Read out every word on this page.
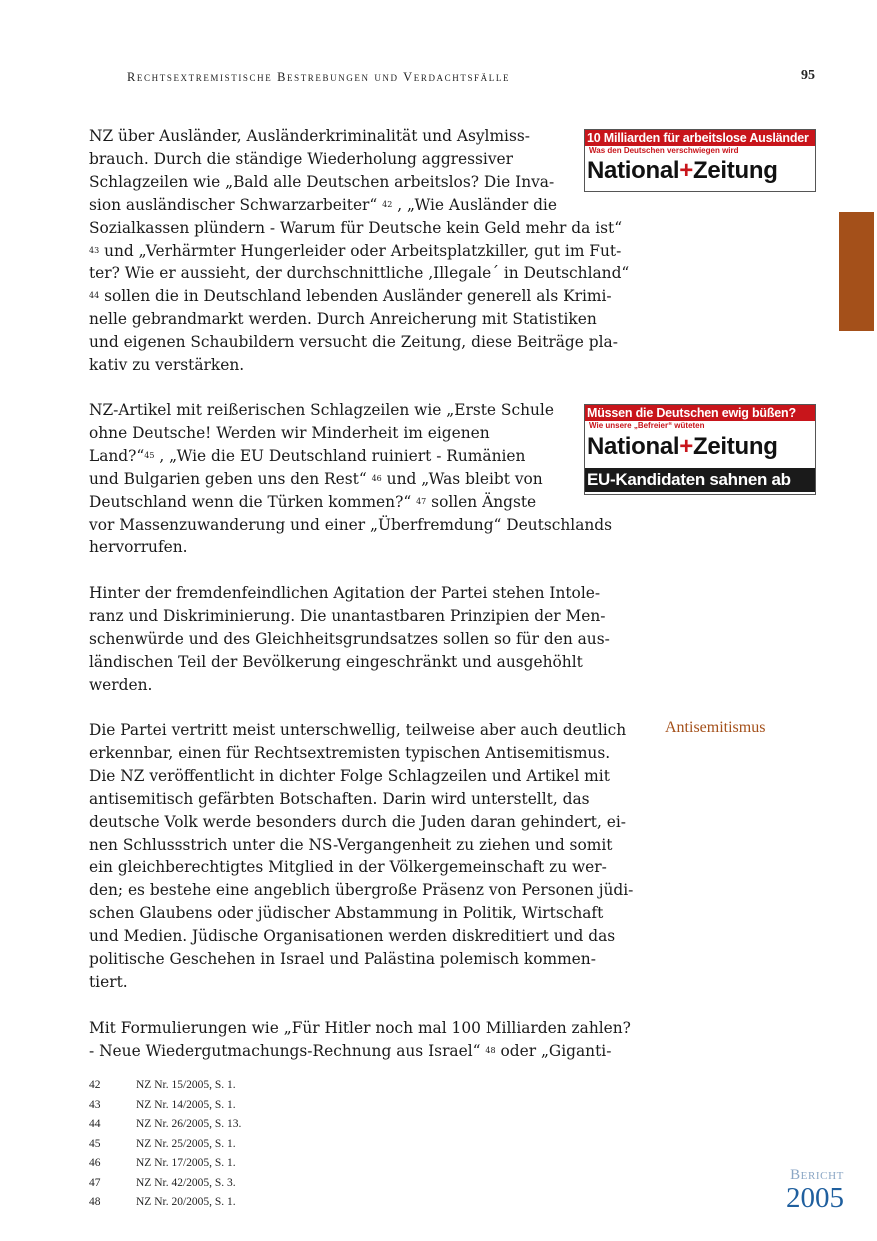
Rechtsextremistische Bestrebungen und Verdachtsfälle	95
NZ über Ausländer, Ausländerkriminalität und Asylmiss-
brauch. Durch die ständige Wiederholung aggressiver
Schlagzeilen wie „Bald alle Deutschen arbeitslos? Die Inva-
sion ausländischer Schwarzarbeiter“ $^{42}$ , „Wie Ausländer die
Sozialkassen plündern - Warum für Deutsche kein Geld mehr da ist“
$^{43}$ und „Verhärmter Hungerleider oder Arbeitsplatzkiller, gut im Fut-
ter? Wie er aussieht, der durchschnittliche ‚Illegale´ in Deutschland“
$^{44}$ sollen die in Deutschland lebenden Ausländer generell als Krimi-
nelle gebrandmarkt werden. Durch Anreicherung mit Statistiken
und eigenen Schaubildern versucht die Zeitung, diese Beiträge pla-
kativ zu verstärken.
NZ-Artikel mit reißerischen Schlagzeilen wie „Erste Schule
ohne Deutsche! Werden wir Minderheit im eigenen
Land?“$^{45}$ , „Wie die EU Deutschland ruiniert - Rumänien
und Bulgarien geben uns den Rest“ $^{46}$ und „Was bleibt von
Deutschland wenn die Türken kommen?“ $^{47}$ sollen Ängste
vor Massenzuwanderung und einer „Überfremdung“ Deutschlands
hervorrufen.
Hinter der fremdenfeindlichen Agitation der Partei stehen Intole-
ranz und Diskriminierung. Die unantastbaren Prinzipien der Men-
schenwürde und des Gleichheitsgrundsatzes sollen so für den aus-
ländischen Teil der Bevölkerung eingeschränkt und ausgehöhlt
werden.
Die Partei vertritt meist unterschwellig, teilweise aber auch deutlich
erkennbar, einen für Rechtsextremisten typischen Antisemitismus.
Die NZ veröffentlicht in dichter Folge Schlagzeilen und Artikel mit
antisemitisch gefärbten Botschaften. Darin wird unterstellt, das
deutsche Volk werde besonders durch die Juden daran gehindert, ei-
nen Schlussstrich unter die NS-Vergangenheit zu ziehen und somit
ein gleichberechtigtes Mitglied in der Völkergemeinschaft zu wer-
den; es bestehe eine angeblich übergroße Präsenz von Personen jüdi-
schen Glaubens oder jüdischer Abstammung in Politik, Wirtschaft
und Medien. Jüdische Organisationen werden diskreditiert und das
politische Geschehen in Israel und Palästina polemisch kommen-
tiert.
Mit Formulierungen wie „Für Hitler noch mal 100 Milliarden zahlen?
- Neue Wiedergutmachungs-Rechnung aus Israel“ $^{48}$ oder „Giganti-
Antisemitismus
10 Milliarden für arbeitslose Ausländer
Was den Deutschen verschwiegen wird
National+Zeitung
Müssen die Deutschen ewig büßen?
Wie unsere „Befreier“ wüteten
National+Zeitung
EU-Kandidaten sahnen ab
42	NZ Nr. 15/2005, S. 1.
43	NZ Nr. 14/2005, S. 1.
44	NZ Nr. 26/2005, S. 13.
45	NZ Nr. 25/2005, S. 1.
46	NZ Nr. 17/2005, S. 1.
47	NZ Nr. 42/2005, S. 3.
48	NZ Nr. 20/2005, S. 1.
Bericht
2005
